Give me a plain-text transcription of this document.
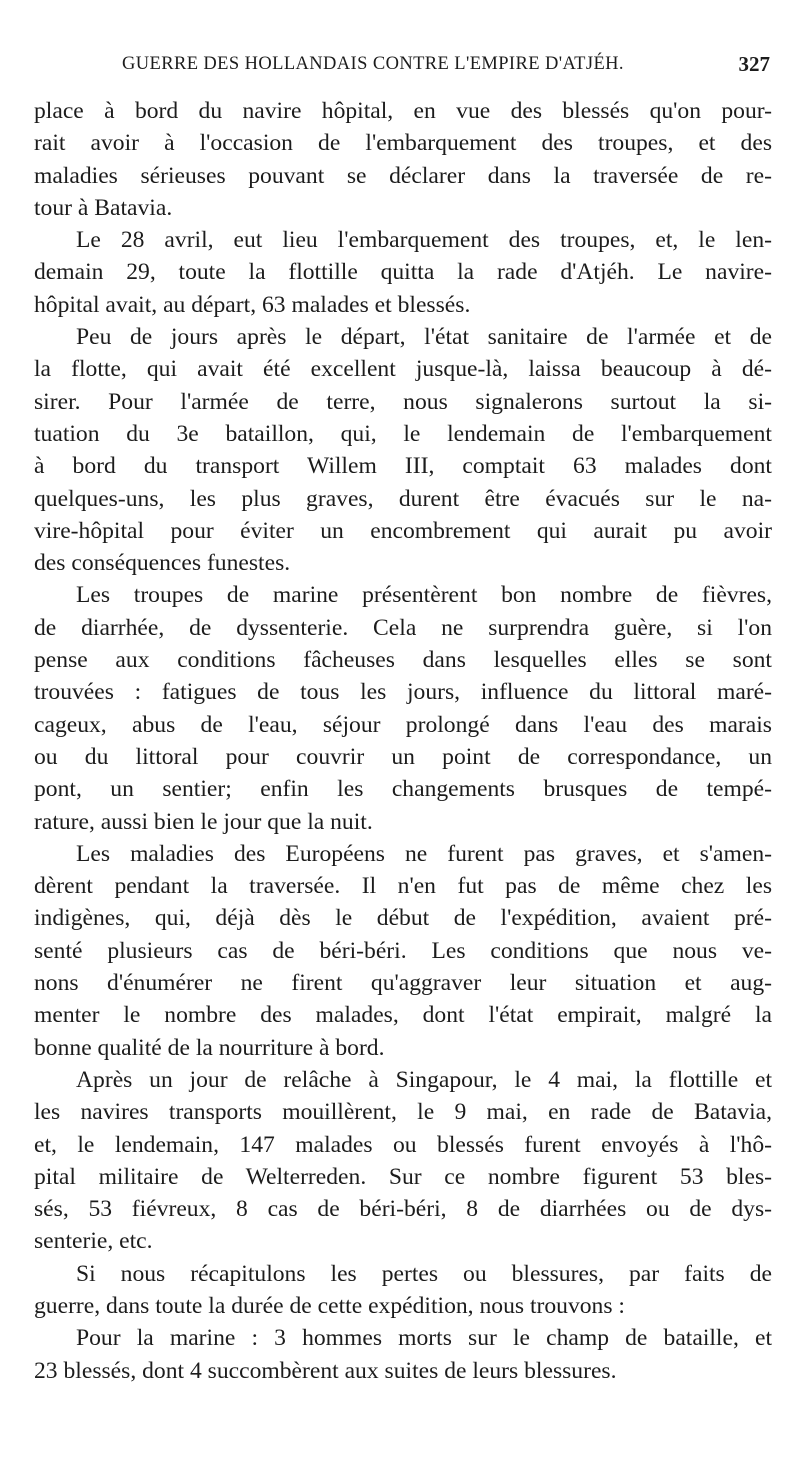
GUERRE DES HOLLANDAIS CONTRE L'EMPIRE D'ATJÉH.	327
place à bord du navire hôpital, en vue des blessés qu'on pour-
rait avoir à l'occasion de l'embarquement des troupes, et des
maladies sérieuses pouvant se déclarer dans la traversée de re-
tour à Batavia.
Le 28 avril, eut lieu l'embarquement des troupes, et, le len-
demain 29, toute la flottille quitta la rade d'Atjéh. Le navire-
hôpital avait, au départ, 63 malades et blessés.
Peu de jours après le départ, l'état sanitaire de l'armée et de
la flotte, qui avait été excellent jusque-là, laissa beaucoup à dé-
sirer. Pour l'armée de terre, nous signalerons surtout la si-
tuation du 3e bataillon, qui, le lendemain de l'embarquement
à bord du transport Willem III, comptait 63 malades dont
quelques-uns, les plus graves, durent être évacués sur le na-
vire-hôpital pour éviter un encombrement qui aurait pu avoir
des conséquences funestes.
Les troupes de marine présentèrent bon nombre de fièvres,
de diarrhée, de dyssenterie. Cela ne surprendra guère, si l'on
pense aux conditions fâcheuses dans lesquelles elles se sont
trouvées : fatigues de tous les jours, influence du littoral maré-
cageux, abus de l'eau, séjour prolongé dans l'eau des marais
ou du littoral pour couvrir un point de correspondance, un
pont, un sentier; enfin les changements brusques de tempé-
rature, aussi bien le jour que la nuit.
Les maladies des Européens ne furent pas graves, et s'amen-
dèrent pendant la traversée. Il n'en fut pas de même chez les
indigènes, qui, déjà dès le début de l'expédition, avaient pré-
senté plusieurs cas de béri-béri. Les conditions que nous ve-
nons d'énumérer ne firent qu'aggraver leur situation et aug-
menter le nombre des malades, dont l'état empirait, malgré la
bonne qualité de la nourriture à bord.
Après un jour de relâche à Singapour, le 4 mai, la flottille et
les navires transports mouillèrent, le 9 mai, en rade de Batavia,
et, le lendemain, 147 malades ou blessés furent envoyés à l'hô-
pital militaire de Welterreden. Sur ce nombre figurent 53 bles-
sés, 53 fiévreux, 8 cas de béri-béri, 8 de diarrhées ou de dys-
senterie, etc.
Si nous récapitulons les pertes ou blessures, par faits de
guerre, dans toute la durée de cette expédition, nous trouvons :
Pour la marine : 3 hommes morts sur le champ de bataille, et
23 blessés, dont 4 succombèrent aux suites de leurs blessures.
